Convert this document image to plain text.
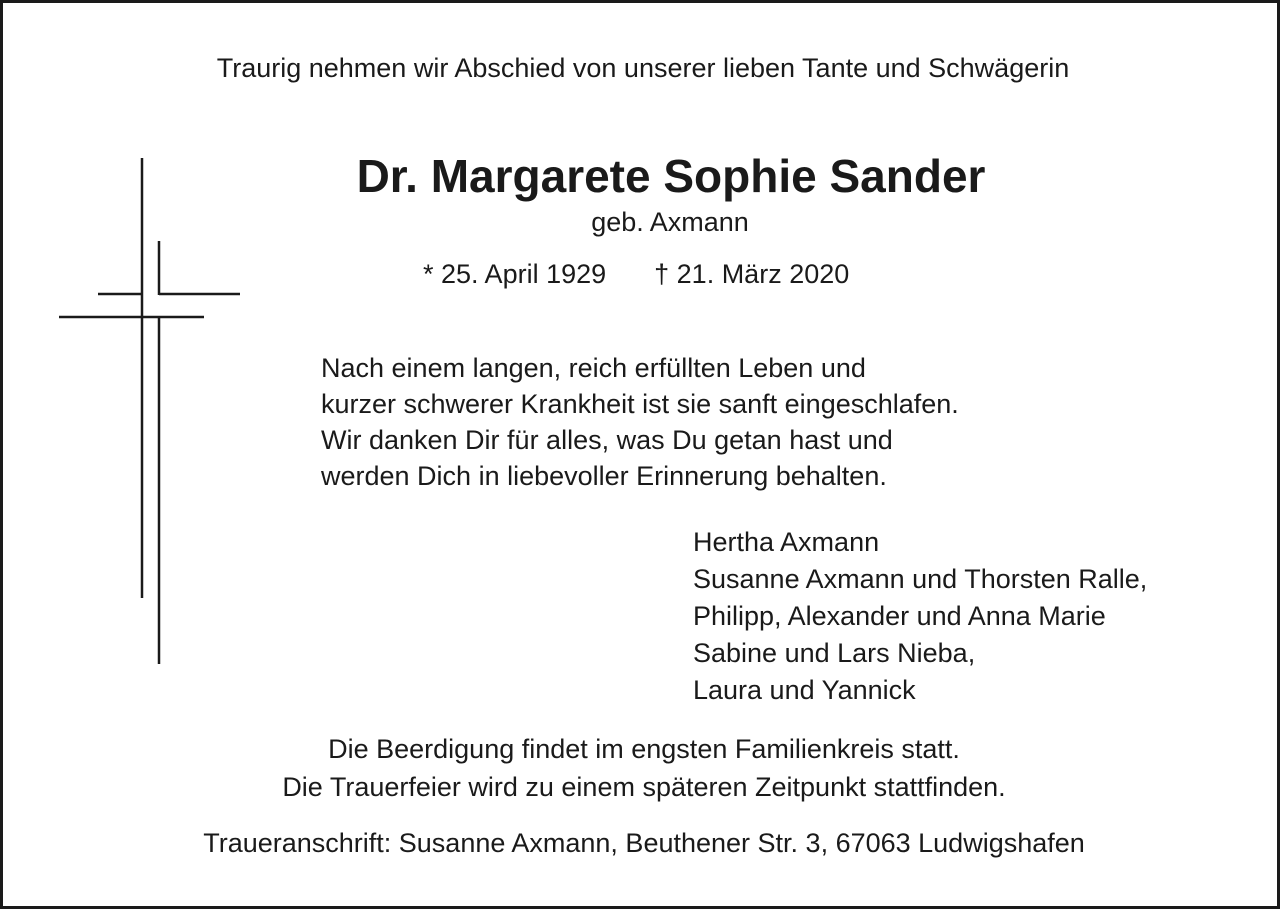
Traurig nehmen wir Abschied von unserer lieben Tante und Schwägerin
Dr. Margarete Sophie Sander
geb. Axmann
* 25. April 1929 † 21. März 2020
Nach einem langen, reich erfüllten Leben und
kurzer schwerer Krankheit ist sie sanft eingeschlafen.
Wir danken Dir für alles, was Du getan hast und
werden Dich in liebevoller Erinnerung behalten.
Hertha Axmann
Susanne Axmann und Thorsten Ralle,
Philipp, Alexander und Anna Marie
Sabine und Lars Nieba,
Laura und Yannick
Die Beerdigung findet im engsten Familienkreis statt.
Die Trauerfeier wird zu einem späteren Zeitpunkt stattfinden.
Traueranschrift: Susanne Axmann, Beuthener Str. 3, 67063 Ludwigshafen
